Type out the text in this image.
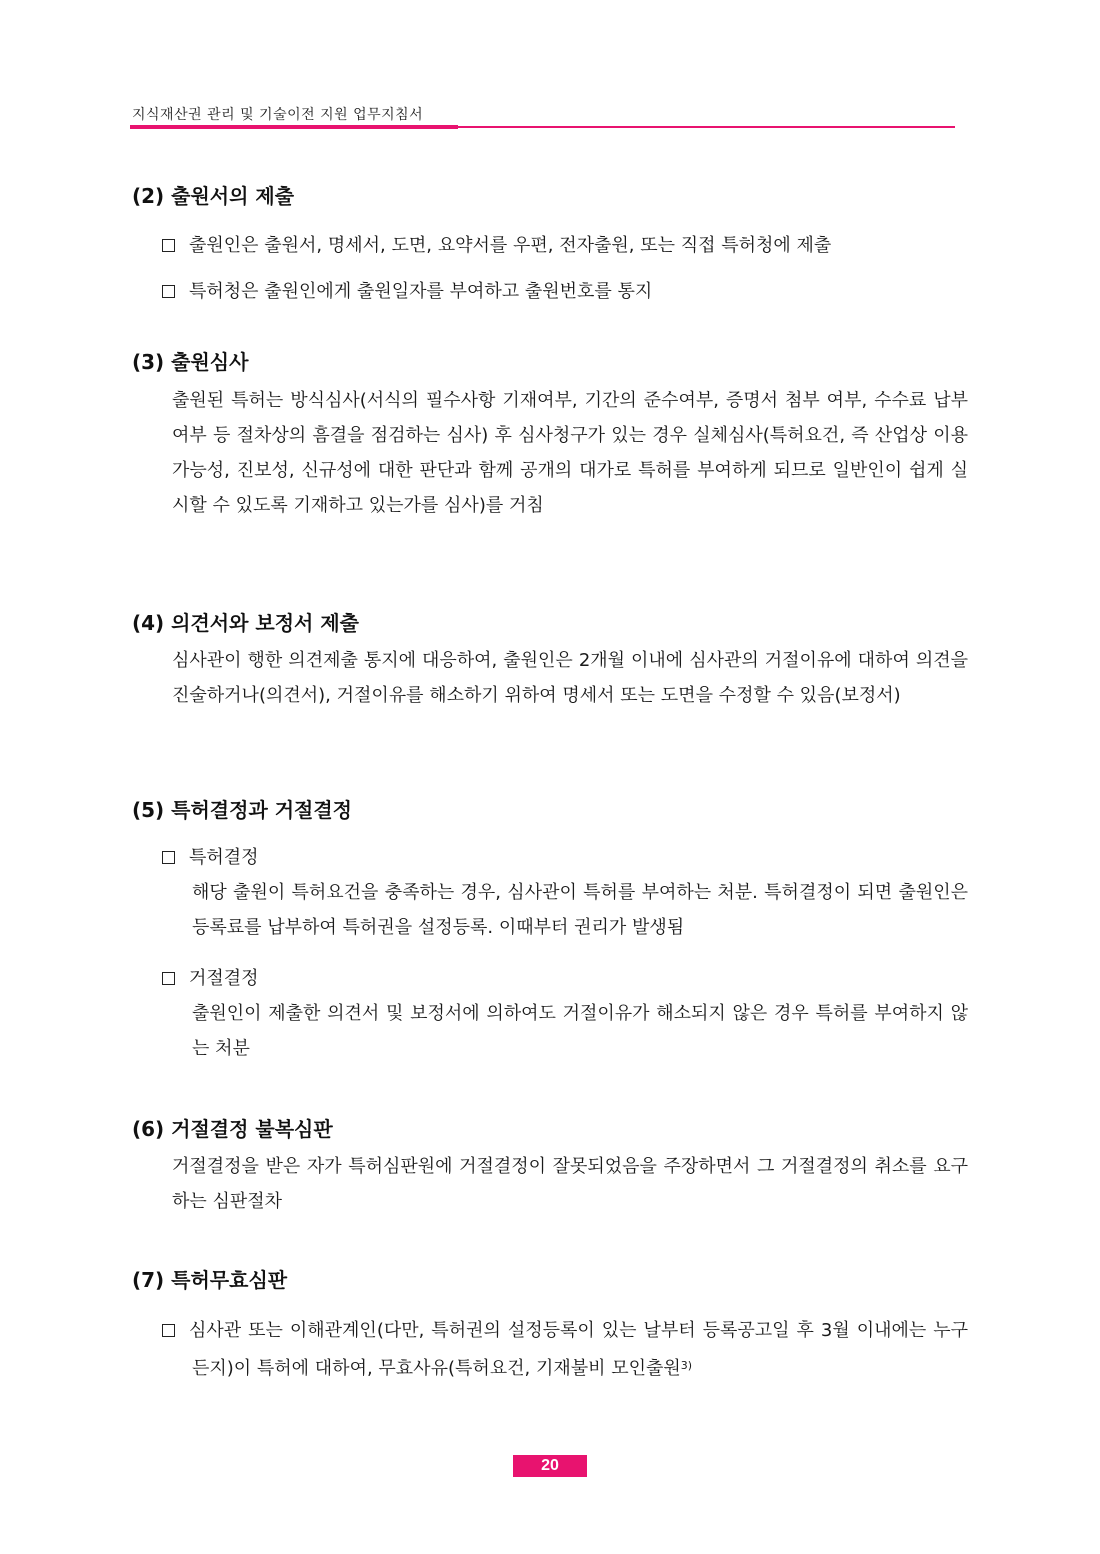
지식재산권 관리 및 기술이전 지원 업무지침서
(2) 출원서의 제출
출원인은 출원서, 명세서, 도면, 요약서를 우편, 전자출원, 또는 직접 특허청에 제출
특허청은 출원인에게 출원일자를 부여하고 출원번호를 통지
(3) 출원심사
출원된 특허는 방식심사(서식의 필수사항 기재여부, 기간의 준수여부, 증명서 첨부 여부, 수수료 납부 여부 등 절차상의 흠결을 점검하는 심사) 후 심사청구가 있는 경우 실체심사(특허요건, 즉 산업상 이용가능성, 진보성, 신규성에 대한 판단과 함께 공개의 대가로 특허를 부여하게 되므로 일반인이 쉽게 실시할 수 있도록 기재하고 있는가를 심사)를 거침
(4) 의견서와 보정서 제출
심사관이 행한 의견제출 통지에 대응하여, 출원인은 2개월 이내에 심사관의 거절이유에 대하여 의견을 진술하거나(의견서), 거절이유를 해소하기 위하여 명세서 또는 도면을 수정할 수 있음(보정서)
(5) 특허결정과 거절결정
특허결정
해당 출원이 특허요건을 충족하는 경우, 심사관이 특허를 부여하는 처분. 특허결정이 되면 출원인은 등록료를 납부하여 특허권을 설정등록. 이때부터 권리가 발생됨
거절결정
출원인이 제출한 의견서 및 보정서에 의하여도 거절이유가 해소되지 않은 경우 특허를 부여하지 않는 처분
(6) 거절결정 불복심판
거절결정을 받은 자가 특허심판원에 거절결정이 잘못되었음을 주장하면서 그 거절결정의 취소를 요구하는 심판절차
(7) 특허무효심판
심사관 또는 이해관계인(다만, 특허권의 설정등록이 있는 날부터 등록공고일 후 3월 이내에는 누구든지)이 특허에 대하여, 무효사유(특허요건, 기재불비 모인출원$^{3)}$
20
